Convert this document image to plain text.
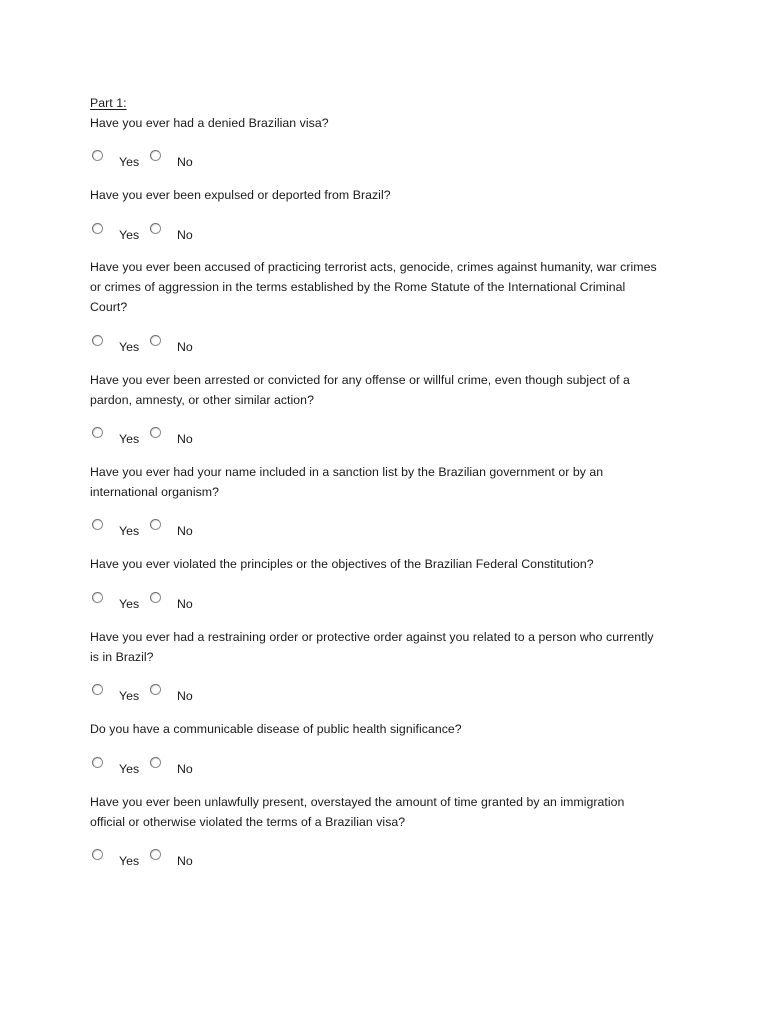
Part 1:
Have you ever had a denied Brazilian visa?
Yes	No
Have you ever been expulsed or deported from Brazil?
Yes	No
Have you ever been accused of practicing terrorist acts, genocide, crimes against humanity, war crimes
or crimes of aggression in the terms established by the Rome Statute of the International Criminal
Court?
Yes	No
Have you ever been arrested or convicted for any offense or willful crime, even though subject of a
pardon, amnesty, or other similar action?
Yes	No
Have you ever had your name included in a sanction list by the Brazilian government or by an
international organism?
Yes	No
Have you ever violated the principles or the objectives of the Brazilian Federal Constitution?
Yes	No
Have you ever had a restraining order or protective order against you related to a person who currently
is in Brazil?
Yes	No
Do you have a communicable disease of public health significance?
Yes	No
Have you ever been unlawfully present, overstayed the amount of time granted by an immigration
official or otherwise violated the terms of a Brazilian visa?
Yes	No
